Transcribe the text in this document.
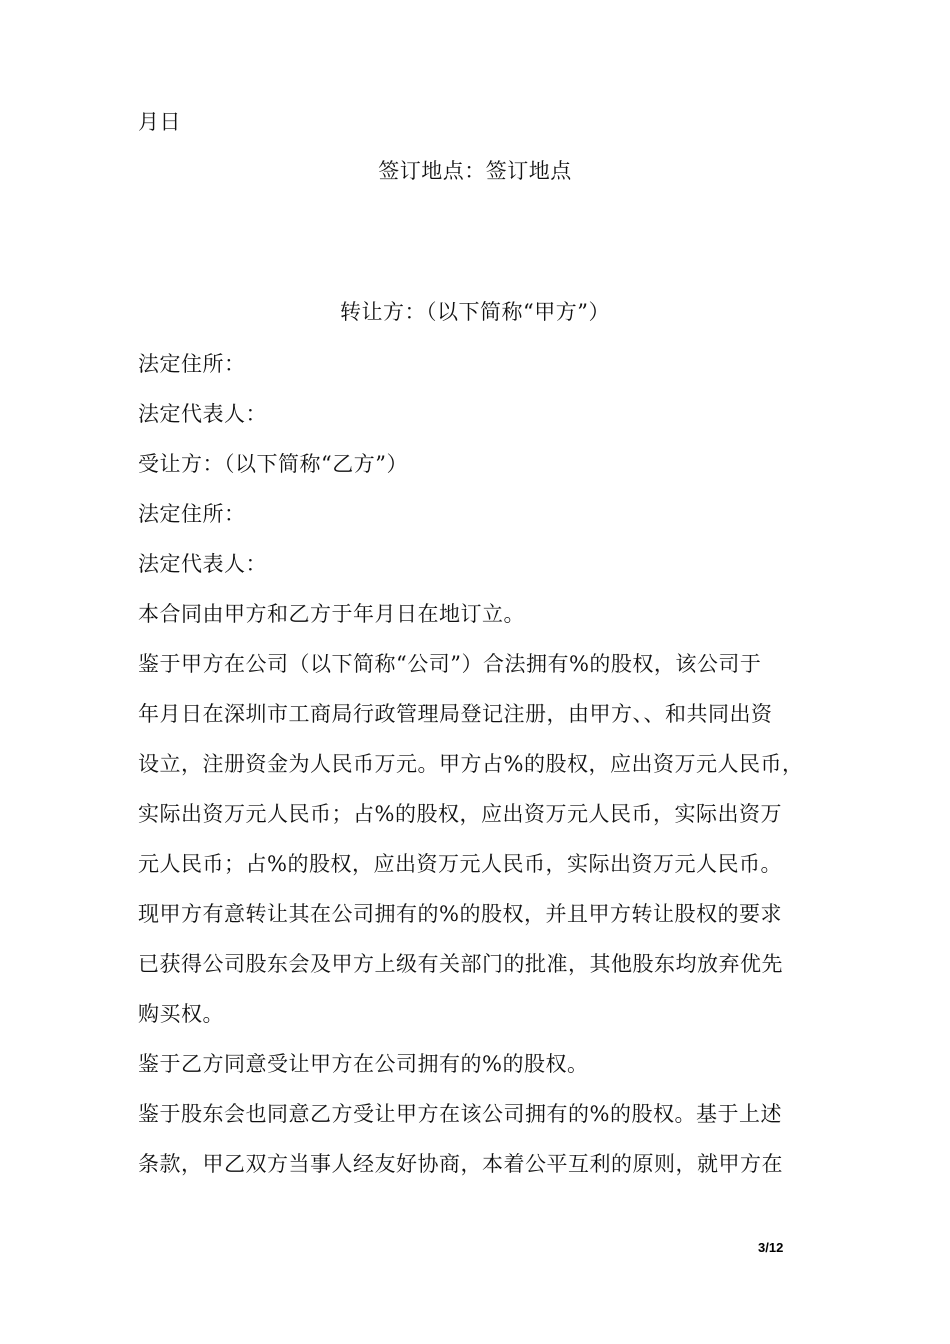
月日

签订地点：签订地点

转让方：（以下简称“甲方”）

法定住所：

法定代表人：

受让方：（以下简称“乙方”）

法定住所：

法定代表人：

本合同由甲方和乙方于年月日在地订立。

鉴于甲方在公司（以下简称“公司”）合法拥有%的股权，该公司于

年月日在深圳市工商局行政管理局登记注册，由甲方、、和共同出资

设立，注册资金为人民币万元。甲方占%的股权，应出资万元人民币，

实际出资万元人民币；占%的股权，应出资万元人民币，实际出资万

元人民币；占%的股权，应出资万元人民币，实际出资万元人民币。

现甲方有意转让其在公司拥有的%的股权，并且甲方转让股权的要求

已获得公司股东会及甲方上级有关部门的批准，其他股东均放弃优先

购买权。

鉴于乙方同意受让甲方在公司拥有的%的股权。

鉴于股东会也同意乙方受让甲方在该公司拥有的%的股权。基于上述

条款，甲乙双方当事人经友好协商，本着公平互利的原则，就甲方在

3/12
